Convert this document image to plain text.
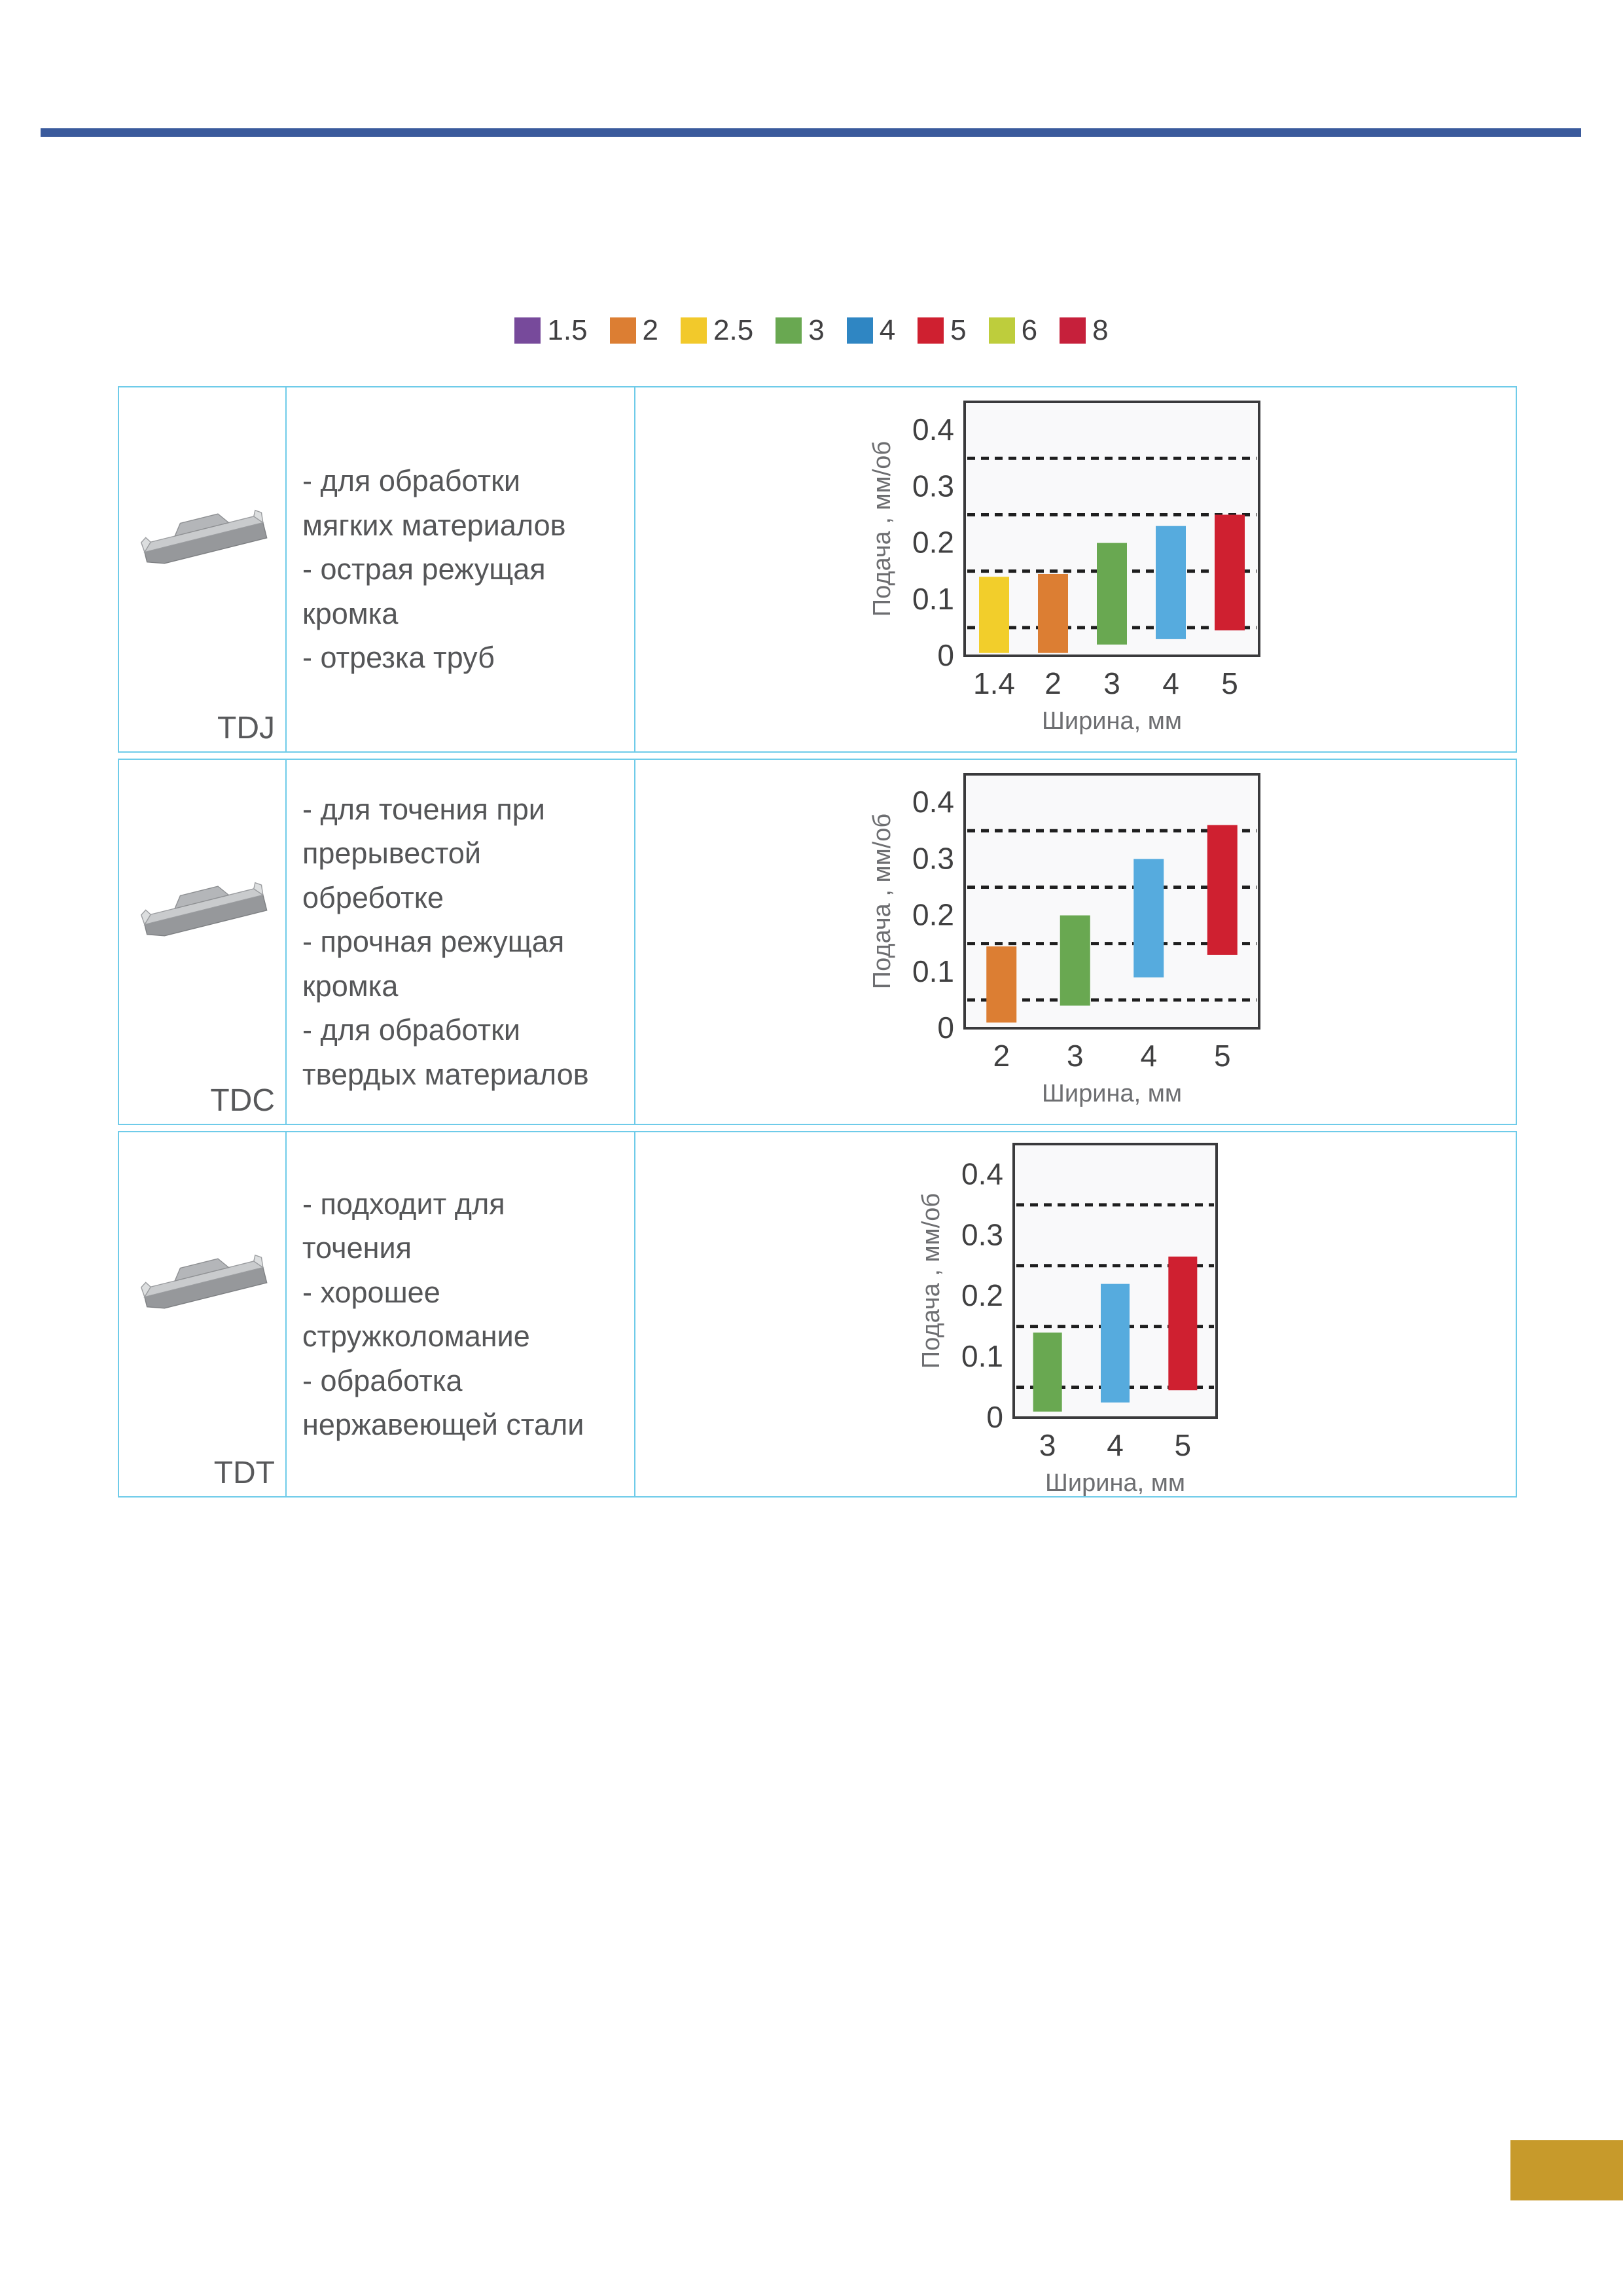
1.5 2 2.5 3 4 5 6 8
TDJ
- для обработки мягких материалов
- острая режущая кромка
- отрезка труб
Подача , мм/об
0
0.1
0.2
0.3
0.4
Ширина, мм
1.4 2 3 4 5
TDC
- для точения при прерывестой обреботке
- прочная режущая кромка
- для обработки твердых материалов
Подача , мм/об
0
0.1
0.2
0.3
0.4
Ширина, мм
2 3 4 5
TDT
- подходит для точения
- хорошее стружколомание
- обработка нержавеющей стали
Подача , мм/об
0
0.1
0.2
0.3
0.4
Ширина, мм
3 4 5
